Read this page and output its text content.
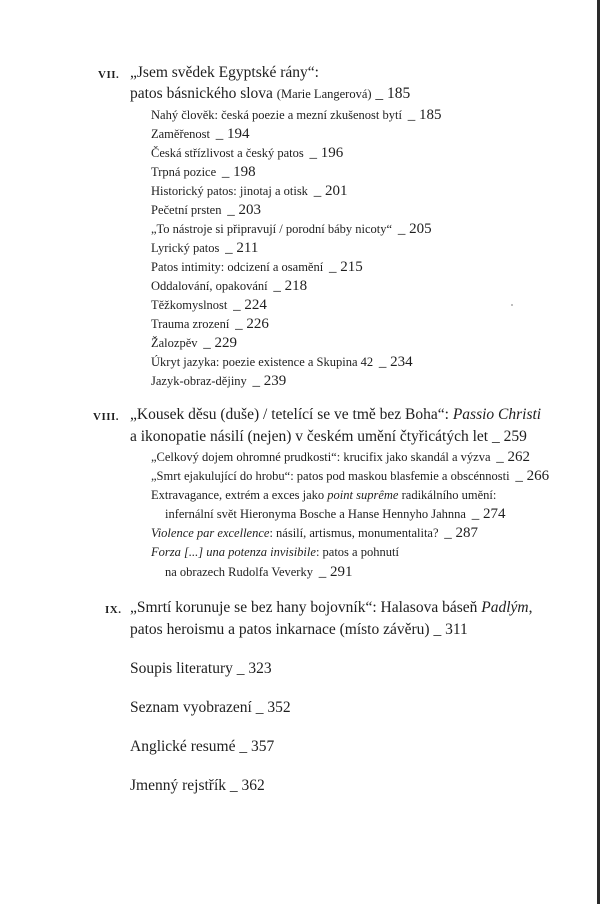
VII. „Jsem svědek Egyptské rány“:
patos básnického slova (Marie Langerová) _ 185
Nahý člověk: česká poezie a mezní zkušenost bytí _ 185
Zaměřenost _ 194
Česká střízlivost a český patos _ 196
Trpná pozice _ 198
Historický patos: jinotaj a otisk _ 201
Pečetní prsten _ 203
„To nástroje si připravují / porodní báby nicoty“ _ 205
Lyrický patos _ 211
Patos intimity: odcizení a osamění _ 215
Oddalování, opakování _ 218
Těžkomyslnost _ 224
Trauma zrození _ 226
Žalozpěv _ 229
Úkryt jazyka: poezie existence a Skupina 42 _ 234
Jazyk-obraz-dějiny _ 239
VIII. „Kousek děsu (duše) / tetelící se ve tmě bez Boha“: Passio Christi
a ikonopatie násilí (nejen) v českém umění čtyřicátých let _ 259
„Celkový dojem ohromné prudkosti“: krucifix jako skandál a výzva _ 262
„Smrt ejakulující do hrobu“: patos pod maskou blasfemie a obscénnosti _ 266
Extravagance, extrém a exces jako point suprême radikálního umění:
infernální svět Hieronyma Bosche a Hanse Hennyho Jahnna _ 274
Violence par excellence: násilí, artismus, monumentalita? _ 287
Forza [...] una potenza invisibile: patos a pohnutí
na obrazech Rudolfa Veverky _ 291
IX. „Smrtí korunuje se bez hany bojovník“: Halasova báseň Padlým,
patos heroismu a patos inkarnace (místo závěru) _ 311
Soupis literatury _ 323
Seznam vyobrazení _ 352
Anglické resumé _ 357
Jmenný rejstřík _ 362
